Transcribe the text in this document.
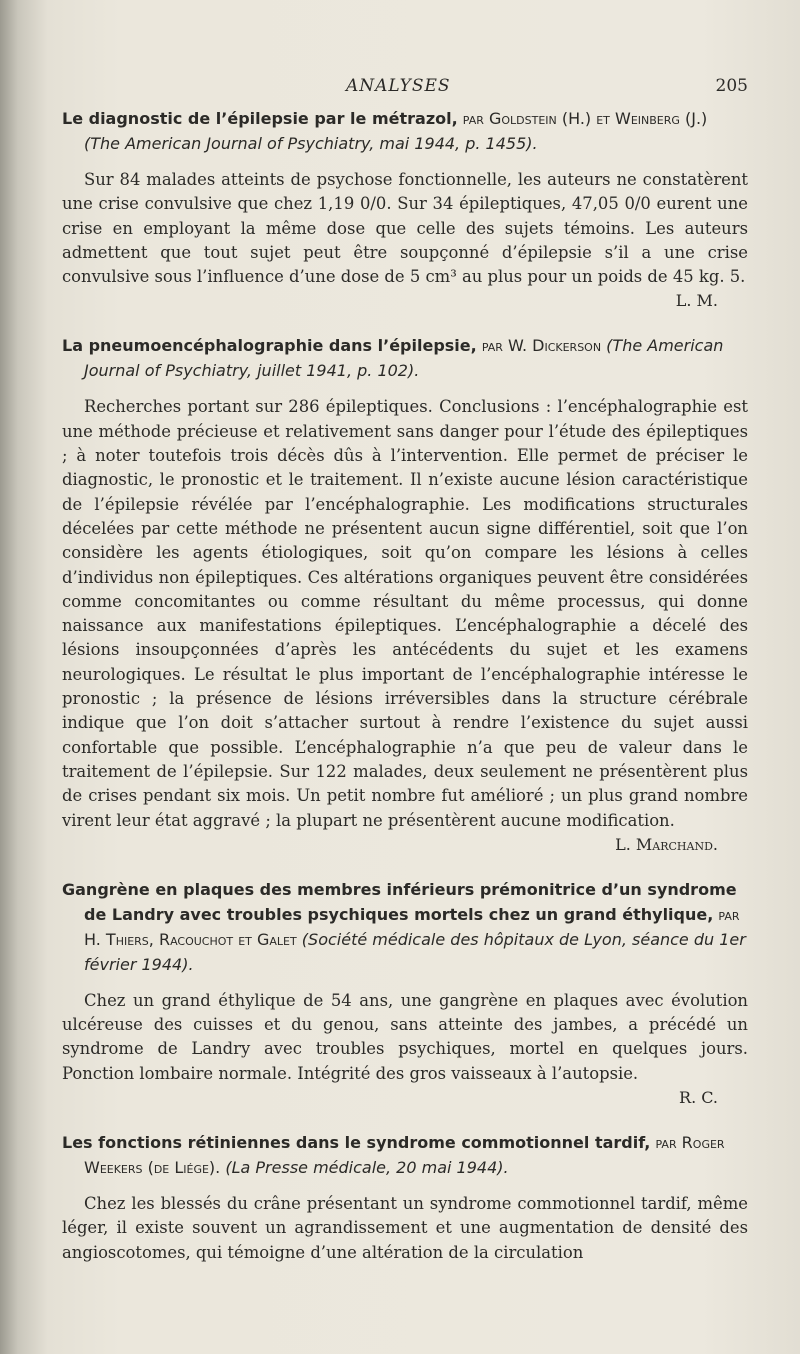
ANALYSES	205

Le diagnostic de l’épilepsie par le métrazol, par Goldstein (H.) et Weinberg (J.) (The American Journal of Psychiatry, mai 1944, p. 1455).

Sur 84 malades atteints de psychose fonctionnelle, les auteurs ne constatèrent une crise convulsive que chez 1,19 0/0. Sur 34 épileptiques, 47,05 0/0 eurent une crise en employant la même dose que celle des sujets témoins. Les auteurs admettent que tout sujet peut être soupçonné d’épilepsie s’il a une crise convulsive sous l’influence d’une dose de 5 cm³ au plus pour un poids de 45 kg. 5.

L. M.

La pneumoencéphalographie dans l’épilepsie, par W. Dickerson (The American Journal of Psychiatry, juillet 1941, p. 102).

Recherches portant sur 286 épileptiques. Conclusions : l’encéphalographie est une méthode précieuse et relativement sans danger pour l’étude des épileptiques ; à noter toutefois trois décès dûs à l’intervention. Elle permet de préciser le diagnostic, le pronostic et le traitement. Il n’existe aucune lésion caractéristique de l’épilepsie révélée par l’encéphalographie. Les modifications structurales décelées par cette méthode ne présentent aucun signe différentiel, soit que l’on considère les agents étiologiques, soit qu’on compare les lésions à celles d’individus non épileptiques. Ces altérations organiques peuvent être considérées comme concomitantes ou comme résultant du même processus, qui donne naissance aux manifestations épileptiques. L’encéphalographie a décelé des lésions insoupçonnées d’après les antécédents du sujet et les examens neurologiques. Le résultat le plus important de l’encéphalographie intéresse le pronostic ; la présence de lésions irréversibles dans la structure cérébrale indique que l’on doit s’attacher surtout à rendre l’existence du sujet aussi confortable que possible. L’encéphalographie n’a que peu de valeur dans le traitement de l’épilepsie. Sur 122 malades, deux seulement ne présentèrent plus de crises pendant six mois. Un petit nombre fut amélioré ; un plus grand nombre virent leur état aggravé ; la plupart ne présentèrent aucune modification.

L. Marchand.

Gangrène en plaques des membres inférieurs prémonitrice d’un syndrome de Landry avec troubles psychiques mortels chez un grand éthylique, par H. Thiers, Racouchot et Galet (Société médicale des hôpitaux de Lyon, séance du 1er février 1944).

Chez un grand éthylique de 54 ans, une gangrène en plaques avec évolution ulcéreuse des cuisses et du genou, sans atteinte des jambes, a précédé un syndrome de Landry avec troubles psychiques, mortel en quelques jours. Ponction lombaire normale. Intégrité des gros vaisseaux à l’autopsie.

R. C.

Les fonctions rétiniennes dans le syndrome commotionnel tardif, par Roger Weekers (de Liége). (La Presse médicale, 20 mai 1944).

Chez les blessés du crâne présentant un syndrome commotionnel tardif, même léger, il existe souvent un agrandissement et une augmentation de densité des angioscotomes, qui témoigne d’une altération de la circulation
